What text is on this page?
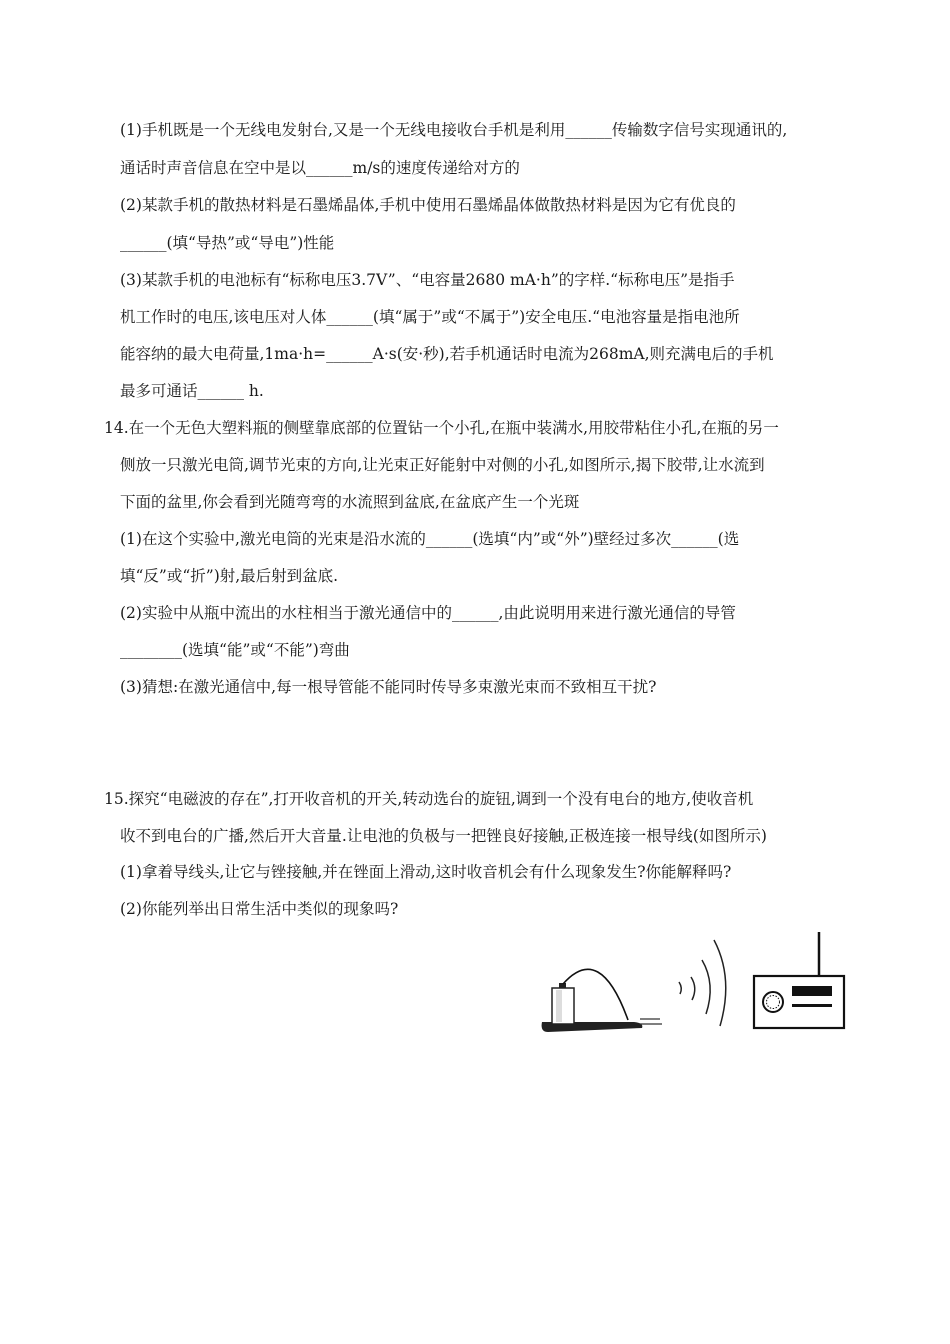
(1)手机既是一个无线电发射台,又是一个无线电接收台手机是利用______传输数字信号实现通讯的,
通话时声音信息在空中是以______m/s的速度传递给对方的
(2)某款手机的散热材料是石墨烯晶体,手机中使用石墨烯晶体做散热材料是因为它有优良的
______(填“导热”或“导电”)性能
(3)某款手机的电池标有“标称电压3.7V”、“电容量2680 mA·h”的字样.“标称电压”是指手
机工作时的电压,该电压对人体______(填“属于”或“不属于”)安全电压.“电池容量是指电池所
能容纳的最大电荷量,1ma·h=______A·s(安·秒),若手机通话时电流为268mA,则充满电后的手机
最多可通话______ h.
14.在一个无色大塑料瓶的侧壁靠底部的位置钻一个小孔,在瓶中装满水,用胶带粘住小孔,在瓶的另一
侧放一只激光电筒,调节光束的方向,让光束正好能射中对侧的小孔,如图所示,揭下胶带,让水流到
下面的盆里,你会看到光随弯弯的水流照到盆底,在盆底产生一个光斑
(1)在这个实验中,激光电筒的光束是沿水流的______(选填“内”或“外”)壁经过多次______(选
填“反”或“折”)射,最后射到盆底.
(2)实验中从瓶中流出的水柱相当于激光通信中的______,由此说明用来进行激光通信的导管
________(选填“能”或“不能”)弯曲
(3)猜想:在激光通信中,每一根导管能不能同时传导多束激光束而不致相互干扰?
15.探究“电磁波的存在”,打开收音机的开关,转动选台的旋钮,调到一个没有电台的地方,使收音机
收不到电台的广播,然后开大音量.让电池的负极与一把锉良好接触,正极连接一根导线(如图所示)
(1)拿着导线头,让它与锉接触,并在锉面上滑动,这时收音机会有什么现象发生?你能解释吗?
(2)你能列举出日常生活中类似的现象吗?
